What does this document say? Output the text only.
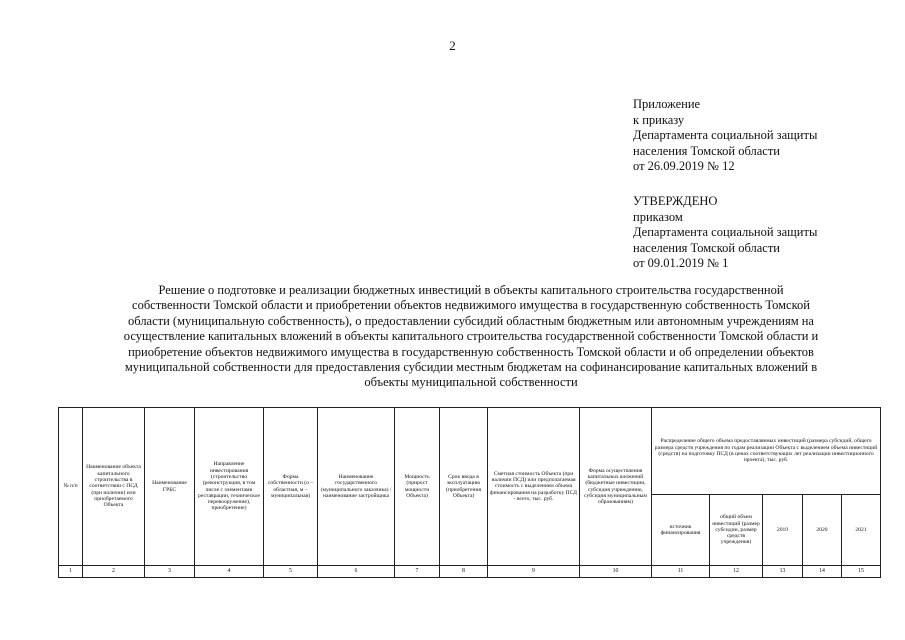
2
Приложение
к приказу
Департамента социальной защиты
населения Томской области
от 26.09.2019 № 12
УТВЕРЖДЕНО
приказом
Департамента социальной защиты
населения Томской области
от 09.01.2019 № 1
Решение о подготовке и реализации бюджетных инвестиций в объекты капитального строительства государственной
собственности Томской области и приобретении объектов недвижимого имущества в государственную собственность Томской
области (муниципальную собственность), о предоставлении субсидий областным бюджетным или автономным учреждениям на
осуществление капитальных вложений в объекты капитального строительства государственной собственности Томской области и
приобретение объектов недвижимого имущества в государственную собственность Томской области и об определении объектов
муниципальной собственности для предоставления субсидии местным бюджетам на софинансирование капитальных вложений в
объекты муниципальной собственности
№ п/п	Наименование объекта капитального строительства в соответствии с ПСД (при наличии) или приобретаемого Объекта	Наименование ГРБС	Направление инвестирования (строительство (реконструкция, в том числе с элементами реставрации, техническое перевооружение), приобретение)	Форма собственности (о – областная, м – муниципальная)	Наименование государственного (муниципального заказчика) / наименование застройщика	Мощность (прирост мощности Объекта)	Срок ввода в эксплуатацию (приобретения Объекта)	Сметная стоимость Объекта (при наличии ПСД) или предполагаемая стоимость с выделением объема финансирования на разработку ПСД - всего, тыс. руб.	Форма осуществления капитальных вложений (бюджетные инвестиции, субсидия учреждению, субсидия муниципальным образованиям)	Распределение общего объема предоставляемых инвестиций (размера субсидий, общего размера средств учреждения по годам реализации Объекта с выделением объема инвестиций (средств) на подготовку ПСД (в ценах соответствующих лет реализации инвестиционного проекта), тыс. руб.				
										источник финансирования	общий объем инвестиций (размер субсидии, размер средств учреждения)	2019	2020	2021
1	2	3	4	5	6	7	8	9	10	11	12	13	14	15
